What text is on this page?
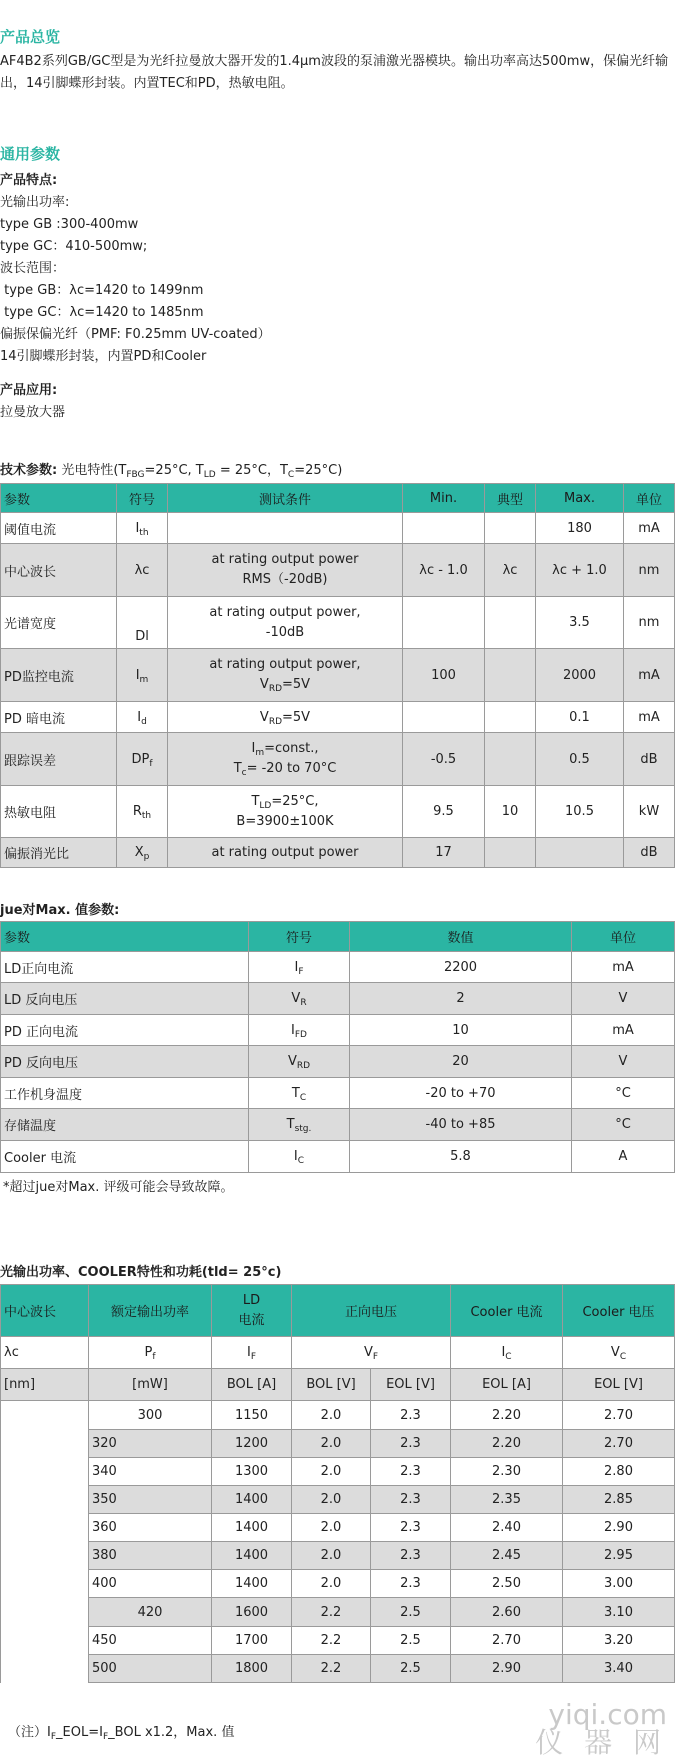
产品总览

AF4B2系列GB/GC型是为光纤拉曼放大器开发的1.4μm波段的泵浦激光器模块。输出功率高达500mw，保偏光纤输出，14引脚蝶形封装。内置TEC和PD，热敏电阻。

通用参数

产品特点:

光输出功率:

type GB :300-400mw

type GC：410-500mw;

波长范围：

type GB：λc=1420 to 1499nm

type GC：λc=1420 to 1485nm

偏振保偏光纤（PMF: F0.25mm UV-coated）

14引脚蝶形封装，内置PD和Cooler

产品应用:

拉曼放大器

技术参数: 光电特性($T_{FBG}=25^\circ C$, $T_{LD} = 25^\circ C$，$T_C=25^\circ C$)
参数	符号	测试条件	Min.	典型	Max.	单位
阈值电流	$I_{th}$				180	mA
中心波长	λc	at rating output power
RMS（-20dB)	λc - 1.0	λc	λc + 1.0	nm
光谱宽度	Dl	at rating output power,
-10dB			3.5	nm
PD监控电流	$I_m$	at rating output power,
$V_{RD}=5V$	100		2000	mA
PD 暗电流	$I_d$	$V_{RD}=5V$			0.1	mA
跟踪误差	$DP_f$	$I_m=const$.,
$T_c= -20$ to 70°C	-0.5		0.5	dB
热敏电阻	$R_{th}$	$T_{LD}=25^\circ C$,
B=3900±100K	9.5	10	10.5	kW
偏振消光比	$X_p$	at rating output power	17			dB
jue对Max. 值参数:
参数	符号	数值	单位
LD正向电流	$I_F$	2200	mA
LD 反向电压	$V_R$	2	V
PD 正向电流	$I_{FD}$	10	mA
PD 反向电压	$V_{RD}$	20	V
工作机身温度	$T_C$	-20 to +70	°C
存储温度	$T_{stg.}$	-40 to +85	°C
Cooler 电流	$I_C$	5.8	A
*超过jue对Max. 评级可能会导致故障。
光输出功率、COOLER特性和功耗(tld= 25°c)
中心波长	额定输出功率	LD
电流	正向电压		Cooler 电流	Cooler 电压
λc	$P_f$	$I_F$	$V_F$		$I_C$	$V_C$
[nm]	[mW]	BOL [A]	BOL [V]	EOL [V]	EOL [A]	EOL [V]
	300	1150	2.0	2.3	2.20	2.70
	320	1200	2.0	2.3	2.20	2.70
	340	1300	2.0	2.3	2.30	2.80
	350	1400	2.0	2.3	2.35	2.85
	360	1400	2.0	2.3	2.40	2.90
	380	1400	2.0	2.3	2.45	2.95
	400	1400	2.0	2.3	2.50	3.00
	420	1600	2.2	2.5	2.60	3.10
	450	1700	2.2	2.5	2.70	3.20
	500	1800	2.2	2.5	2.90	3.40
（注）$I_F\_EOL=I_F\_BOL$ x1.2，Max. 值
yiqi.com
仪 器 网
